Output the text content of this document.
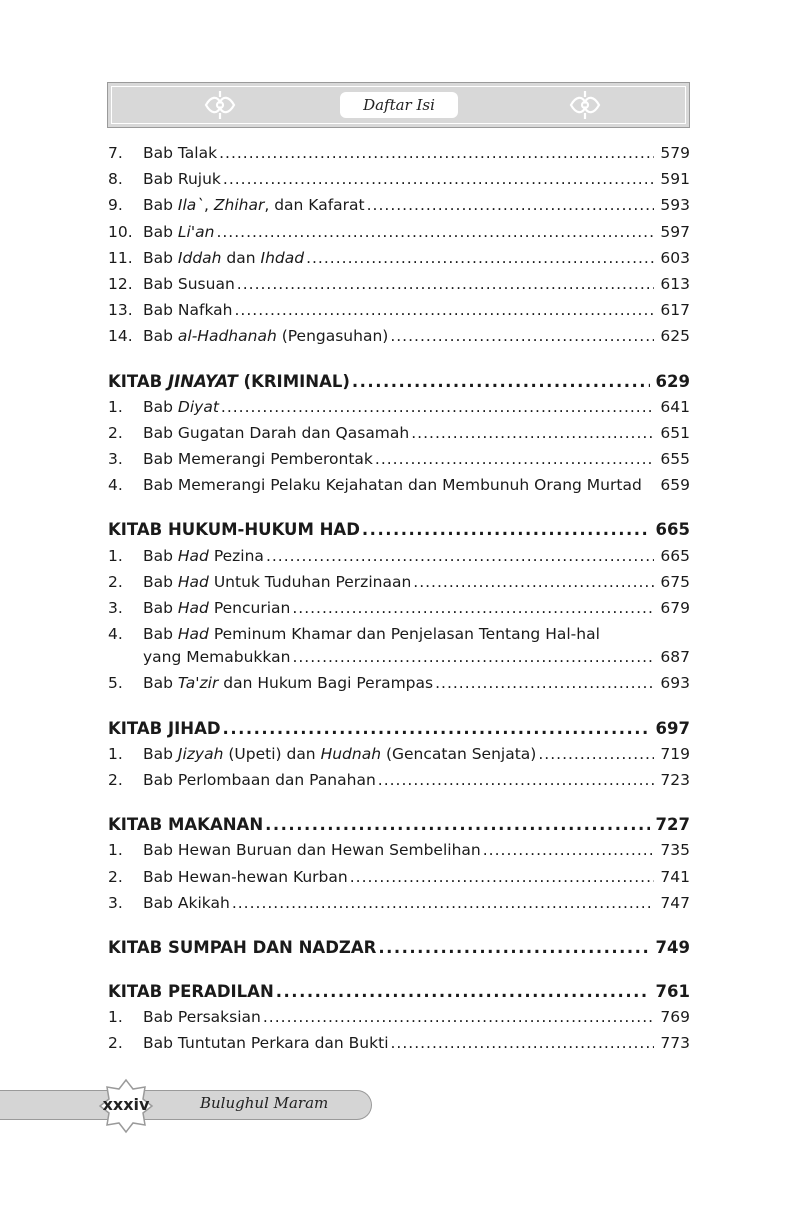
Daftar Isi
7.	Bab Talak .....	579
8.	Bab Rujuk .....	591
9.	Bab Ila`, Zhihar, dan Kafarat .....	593
10. Bab Li'an .....	597
11. Bab Iddah dan Ihdad .....	603
12. Bab Susuan .....	613
13. Bab Nafkah .....	617
14. Bab al-Hadhanah (Pengasuhan) .....	625
KITAB JINAYAT (KRIMINAL) .....	629
1.	Bab Diyat .....	641
2.	Bab Gugatan Darah dan Qasamah .....	651
3.	Bab Memerangi Pemberontak .....	655
4.	Bab Memerangi Pelaku Kejahatan dan Membunuh Orang Murtad 659
KITAB HUKUM-HUKUM HAD .....	665
1.	Bab Had Pezina .....	665
2.	Bab Had Untuk Tuduhan Perzinaan .....	675
3.	Bab Had Pencurian .....	679
4.	Bab Had Peminum Khamar dan Penjelasan Tentang Hal-hal
yang Memabukkan .....	687
5.	Bab Ta'zir dan Hukum Bagi Perampas .....	693
KITAB JIHAD .....	697
1.	Bab Jizyah (Upeti) dan Hudnah (Gencatan Senjata) .....	719
2.	Bab Perlombaan dan Panahan .....	723
KITAB MAKANAN .....	727
1.	Bab Hewan Buruan dan Hewan Sembelihan .....	735
2.	Bab Hewan-hewan Kurban .....	741
3.	Bab Akikah .....	747
KITAB SUMPAH DAN NADZAR .....	749
KITAB PERADILAN .....	761
1.	Bab Persaksian .....	769
2.	Bab Tuntutan Perkara dan Bukti .....	773
xxxiv	Bulughul Maram
